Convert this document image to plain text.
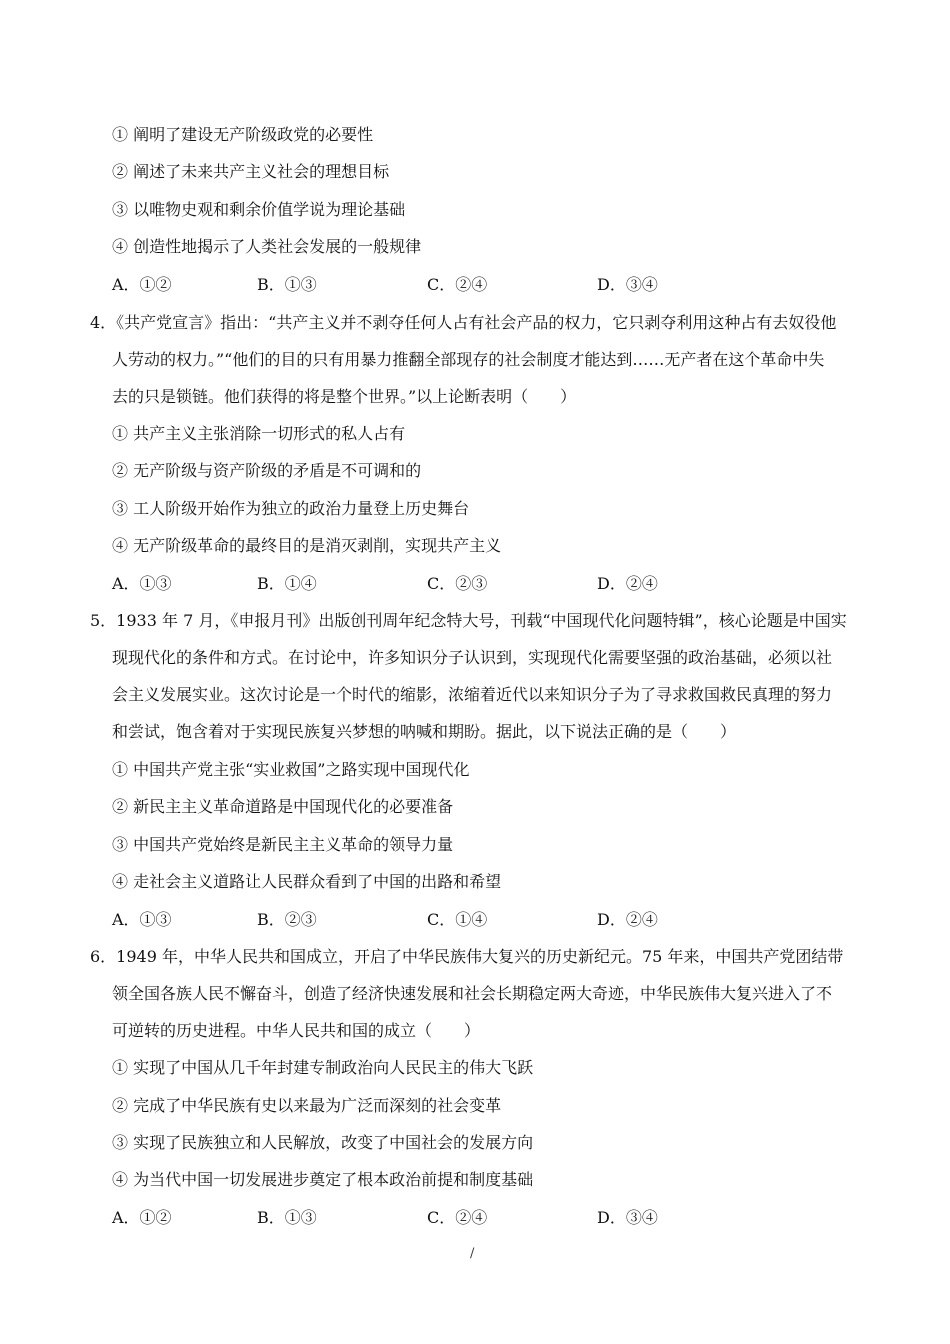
① 阐明了建设无产阶级政党的必要性
② 阐述了未来共产主义社会的理想目标
③ 以唯物史观和剩余价值学说为理论基础
④ 创造性地揭示了人类社会发展的一般规律
A．①②	B．①③	C．②④	D．③④
4．《共产党宣言》指出：“共产主义并不剥夺任何人占有社会产品的权力，它只剥夺利用这种占有去奴役他
人劳动的权力。”“他们的目的只有用暴力推翻全部现存的社会制度才能达到……无产者在这个革命中失
去的只是锁链。他们获得的将是整个世界。”以上论断表明（　　）
① 共产主义主张消除一切形式的私人占有
② 无产阶级与资产阶级的矛盾是不可调和的
③ 工人阶级开始作为独立的政治力量登上历史舞台
④ 无产阶级革命的最终目的是消灭剥削，实现共产主义
A．①③	B．①④	C．②③	D．②④
5．1933 年 7 月，《申报月刊》出版创刊周年纪念特大号，刊载“中国现代化问题特辑”，核心论题是中国实
现现代化的条件和方式。在讨论中，许多知识分子认识到，实现现代化需要坚强的政治基础，必须以社
会主义发展实业。这次讨论是一个时代的缩影，浓缩着近代以来知识分子为了寻求救国救民真理的努力
和尝试，饱含着对于实现民族复兴梦想的呐喊和期盼。据此，以下说法正确的是（　　）
① 中国共产党主张“实业救国”之路实现中国现代化
② 新民主主义革命道路是中国现代化的必要准备
③ 中国共产党始终是新民主主义革命的领导力量
④ 走社会主义道路让人民群众看到了中国的出路和希望
A．①③	B．②③	C．①④	D．②④
6．1949 年，中华人民共和国成立，开启了中华民族伟大复兴的历史新纪元。75 年来，中国共产党团结带
领全国各族人民不懈奋斗，创造了经济快速发展和社会长期稳定两大奇迹，中华民族伟大复兴进入了不
可逆转的历史进程。中华人民共和国的成立（　　）
① 实现了中国从几千年封建专制政治向人民民主的伟大飞跃
② 完成了中华民族有史以来最为广泛而深刻的社会变革
③ 实现了民族独立和人民解放，改变了中国社会的发展方向
④ 为当代中国一切发展进步奠定了根本政治前提和制度基础
A．①②	B．①③	C．②④	D．③④
/
